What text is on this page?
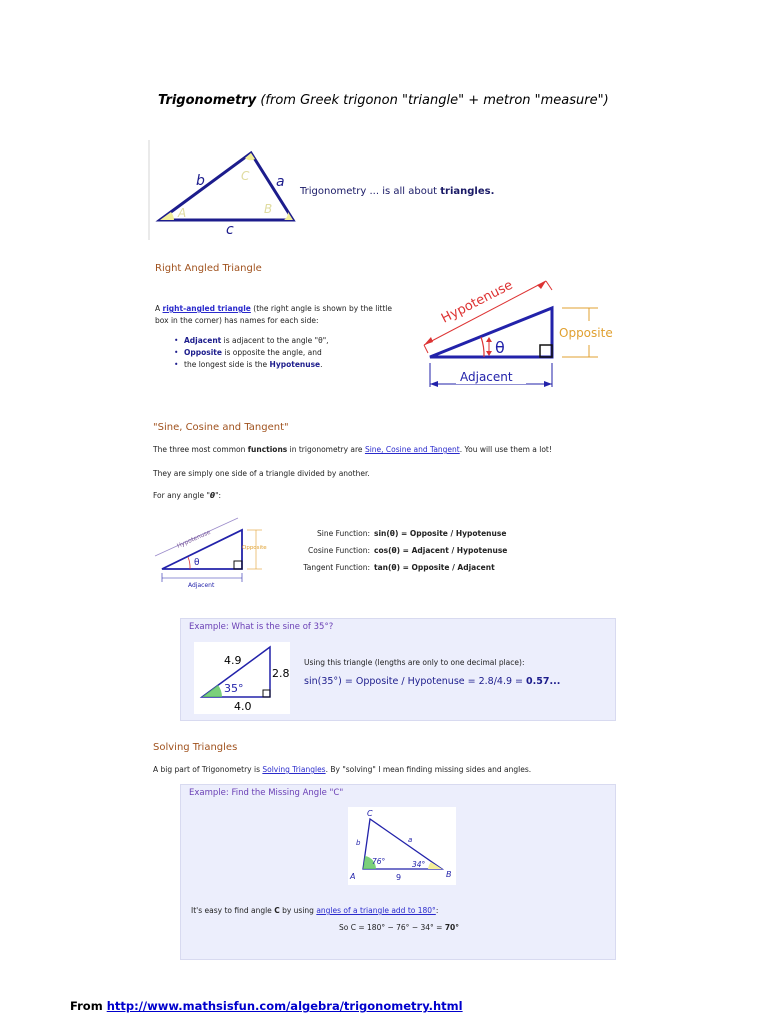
Trigonometry (from Greek trigonon "triangle" + metron "measure")
b	a
c
A	B
C
Trigonometry ... is all about triangles.
Right Angled Triangle
A right-angled triangle (the right angle is shown by the little box in the corner) has names for each side:
• Adjacent is adjacent to the angle "θ",
• Opposite is opposite the angle, and
• the longest side is the Hypotenuse.
Hypotenuse
θ
Opposite
Adjacent
"Sine, Cosine and Tangent"
The three most common functions in trigonometry are Sine, Cosine and Tangent. You will use them a lot!
They are simply one side of a triangle divided by another.
For any angle "θ":
Hypotenuse
θ
Opposite
Adjacent
Sine Function: sin(θ) = Opposite / Hypotenuse
Cosine Function: cos(θ) = Adjacent / Hypotenuse
Tangent Function: tan(θ) = Opposite / Adjacent
Example: What is the sine of 35°?
4.9
2.8
4.0
35°
Using this triangle (lengths are only to one decimal place):
sin(35°) = Opposite / Hypotenuse = 2.8/4.9 = 0.57...
Solving Triangles
A big part of Trigonometry is Solving Triangles. By "solving" I mean finding missing sides and angles.
Example: Find the Missing Angle "C"
C
A	B
a
b
9
76°	34°
It's easy to find angle C by using angles of a triangle add to 180°:
So C = 180° − 76° − 34° = 70°
From http://www.mathsisfun.com/algebra/trigonometry.html
